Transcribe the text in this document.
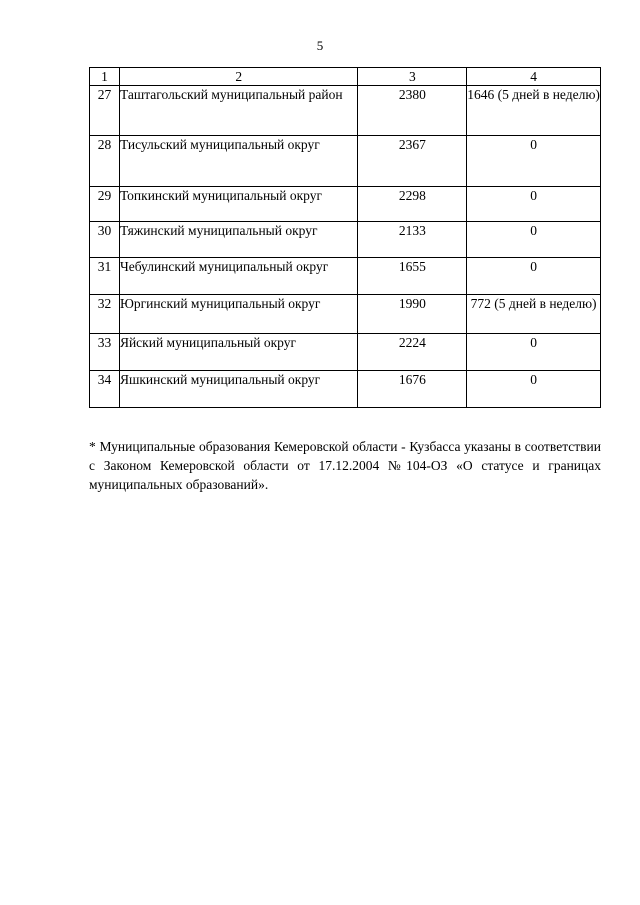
5
1	2	3	4
27	Таштагольский муниципальный район	2380	1646 (5 дней в неделю)
28	Тисульский муниципальный округ	2367	0
29	Топкинский муниципальный округ	2298	0
30	Тяжинский муниципальный округ	2133	0
31	Чебулинский муниципальный округ	1655	0
32	Юргинский муниципальный округ	1990	772 (5 дней в неделю)
33	Яйский муниципальный округ	2224	0
34	Яшкинский муниципальный округ	1676	0

* Муниципальные образования Кемеровской области - Кузбасса указаны в соответствии с Законом Кемеровской области от 17.12.2004 №104-ОЗ «О статусе и границах муниципальных образований».
